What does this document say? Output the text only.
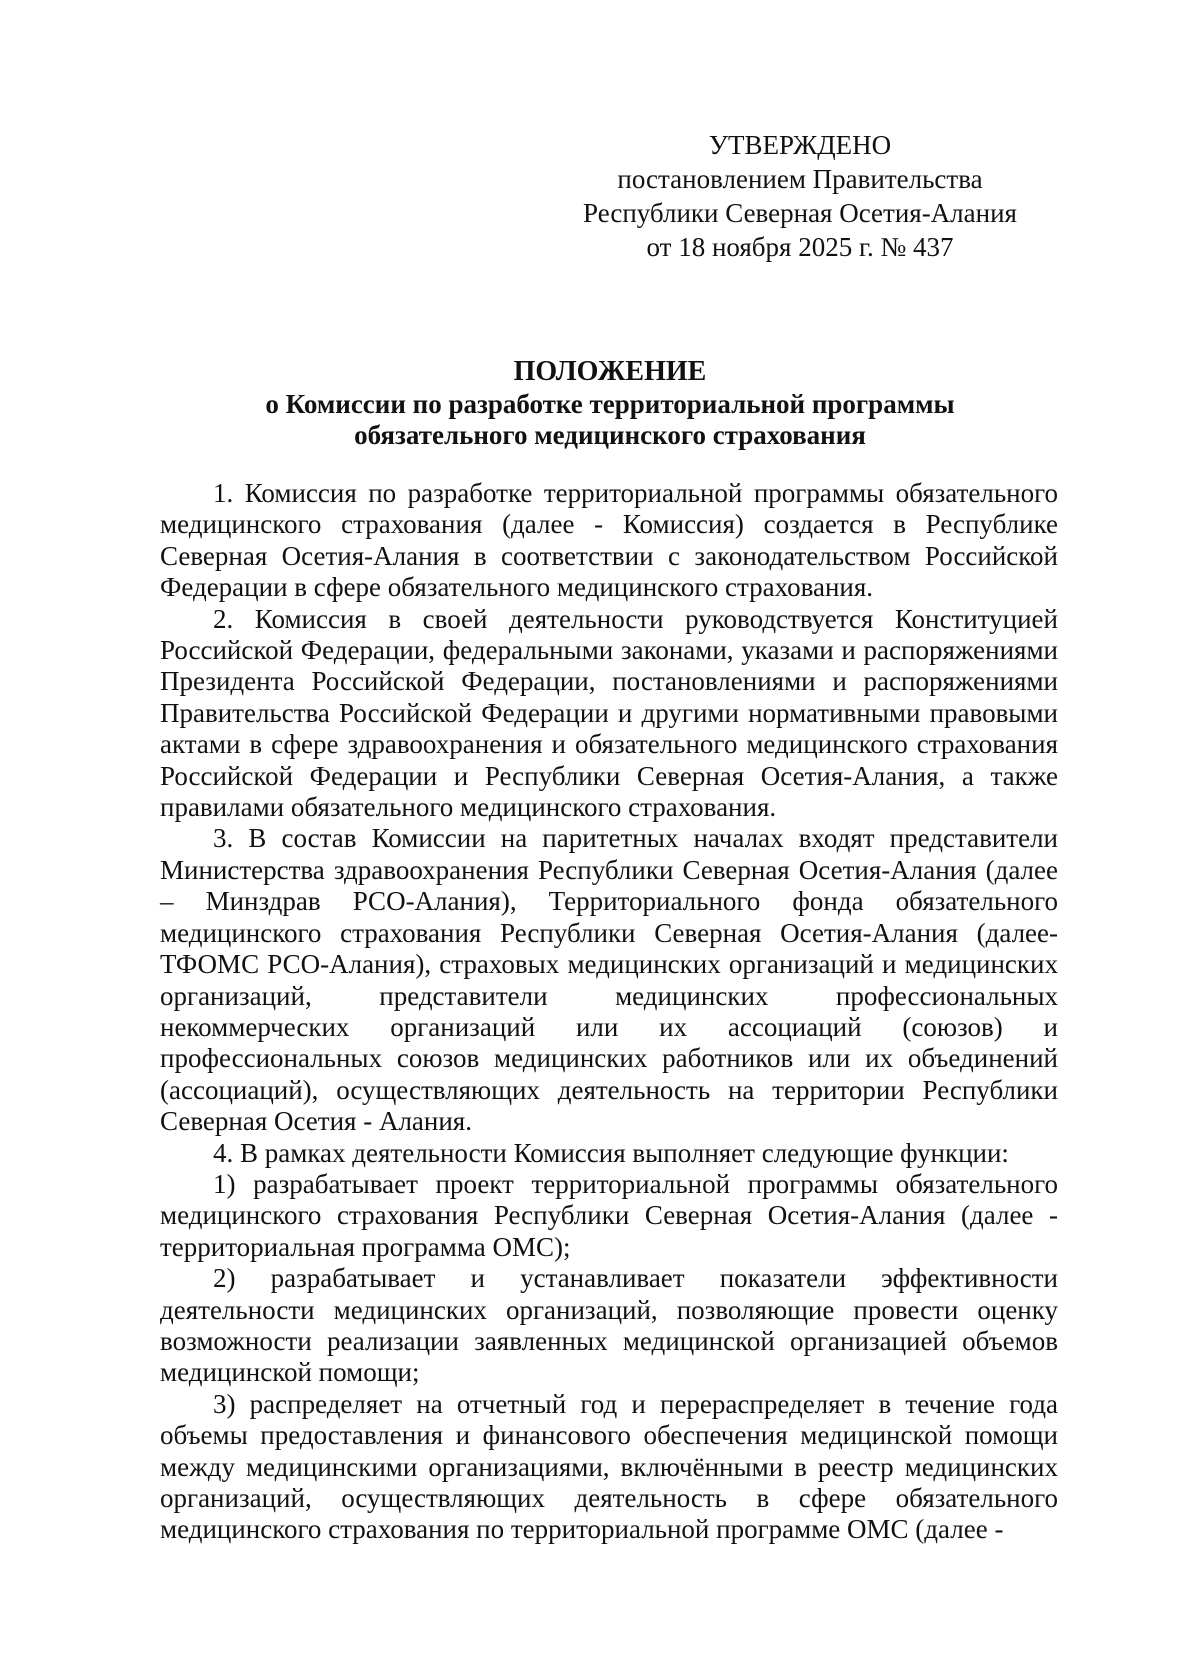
УТВЕРЖДЕНО
постановлением Правительства
Республики Северная Осетия-Алания
от 18 ноября 2025 г. № 437
ПОЛОЖЕНИЕ
о Комиссии по разработке территориальной программы
обязательного медицинского страхования

1. Комиссия по разработке территориальной программы обязательного медицинского страхования (далее - Комиссия) создается в Республике Северная Осетия-Алания в соответствии с законодательством Российской Федерации в сфере обязательного медицинского страхования.

2. Комиссия в своей деятельности руководствуется Конституцией Российской Федерации, федеральными законами, указами и распоряжениями Президента Российской Федерации, постановлениями и распоряжениями Правительства Российской Федерации и другими нормативными правовыми актами в сфере здравоохранения и обязательного медицинского страхования Российской Федерации и Республики Северная Осетия-Алания, а также правилами обязательного медицинского страхования.

3. В состав Комиссии на паритетных началах входят представители Министерства здравоохранения Республики Северная Осетия-Алания (далее – Минздрав РСО-Алания), Территориального фонда обязательного медицинского страхования Республики Северная Осетия-Алания (далее-ТФОМС РСО-Алания), страховых медицинских организаций и медицинских организаций, представители медицинских профессиональных некоммерческих организаций или их ассоциаций (союзов) и профессиональных союзов медицинских работников или их объединений (ассоциаций), осуществляющих деятельность на территории Республики Северная Осетия - Алания.

4. В рамках деятельности Комиссия выполняет следующие функции:

1) разрабатывает проект территориальной программы обязательного медицинского страхования Республики Северная Осетия-Алания (далее - территориальная программа ОМС);

2) разрабатывает и устанавливает показатели эффективности деятельности медицинских организаций, позволяющие провести оценку возможности реализации заявленных медицинской организацией объемов медицинской помощи;

3) распределяет на отчетный год и перераспределяет в течение года объемы предоставления и финансового обеспечения медицинской помощи между медицинскими организациями, включёнными в реестр медицинских организаций, осуществляющих деятельность в сфере обязательного медицинского страхования по территориальной программе ОМС (далее -
